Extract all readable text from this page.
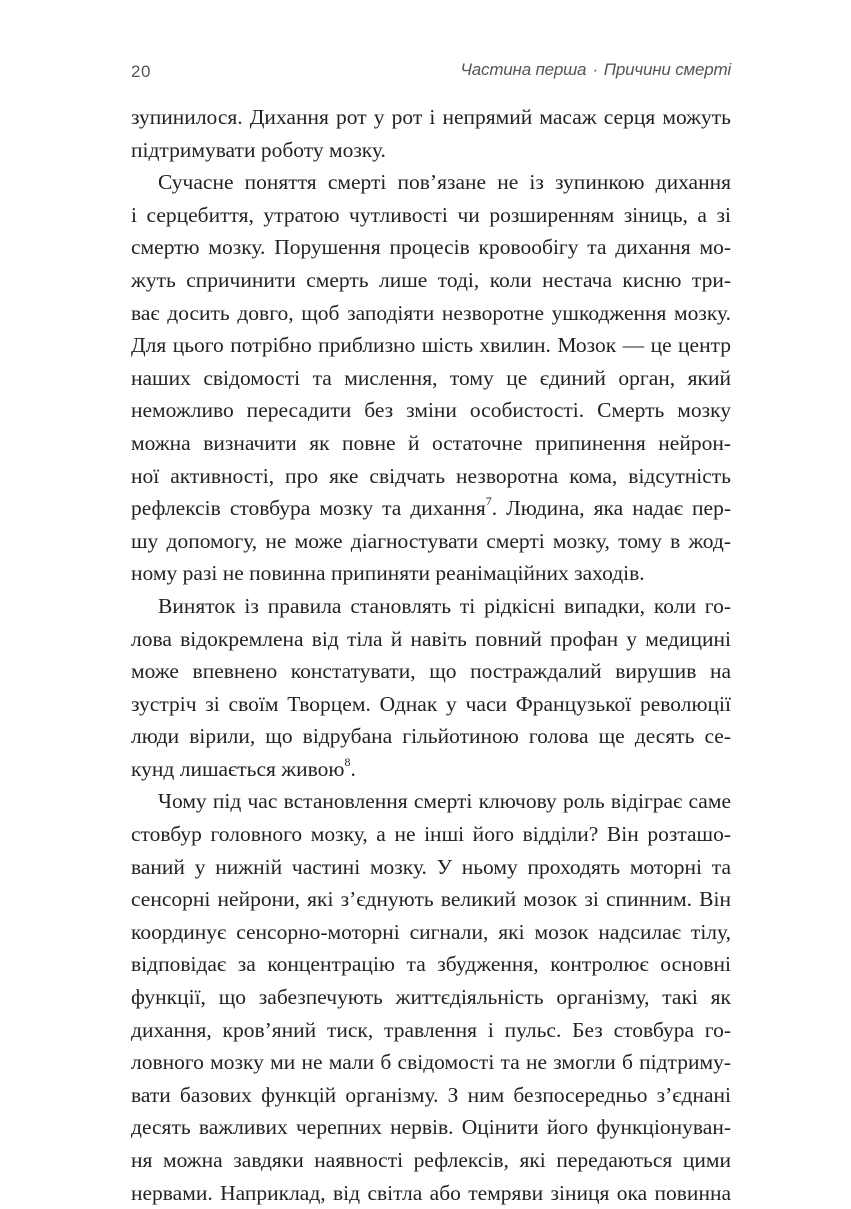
20	Частина перша · Причини смерті
зупинилося. Дихання рот у рот і непрямий масаж серця можуть
підтримувати роботу мозку.
Сучасне поняття смерті пов’язане не із зупинкою дихання
і серцебиття, утратою чутливості чи розширенням зіниць, а зі
смертю мозку. Порушення процесів кровообігу та дихання мо-
жуть спричинити смерть лише тоді, коли нестача кисню три-
ває досить довго, щоб заподіяти незворотне ушкодження мозку.
Для цього потрібно приблизно шість хвилин. Мозок — це центр
наших свідомості та мислення, тому це єдиний орган, який
неможливо пересадити без зміни особистості. Смерть мозку
можна визначити як повне й остаточне припинення нейрон-
ної активності, про яке свідчать незворотна кома, відсутність
рефлексів стовбура мозку та дихання$^7$. Людина, яка надає пер-
шу допомогу, не може діагностувати смерті мозку, тому в жод-
ному разі не повинна припиняти реанімаційних заходів.
Виняток із правила становлять ті рідкісні випадки, коли го-
лова відокремлена від тіла й навіть повний профан у медицині
може впевнено констатувати, що постраждалий вирушив на
зустріч зі своїм Творцем. Однак у часи Французької революції
люди вірили, що відрубана гільйотиною голова ще десять се-
кунд лишається живою$^8$.
Чому під час встановлення смерті ключову роль відіграє саме
стовбур головного мозку, а не інші його відділи? Він розташо-
ваний у нижній частині мозку. У ньому проходять моторні та
сенсорні нейрони, які з’єднують великий мозок зі спинним. Він
координує сенсорно-моторні сигнали, які мозок надсилає тілу,
відповідає за концентрацію та збудження, контролює основні
функції, що забезпечують життєдіяльність організму, такі як
дихання, кров’яний тиск, травлення і пульс. Без стовбура го-
ловного мозку ми не мали б свідомості та не змогли б підтриму-
вати базових функцій організму. З ним безпосередньо з’єднані
десять важливих черепних нервів. Оцінити його функціонуван-
ня можна завдяки наявності рефлексів, які передаються цими
нервами. Наприклад, від світла або темряви зіниця ока повинна
